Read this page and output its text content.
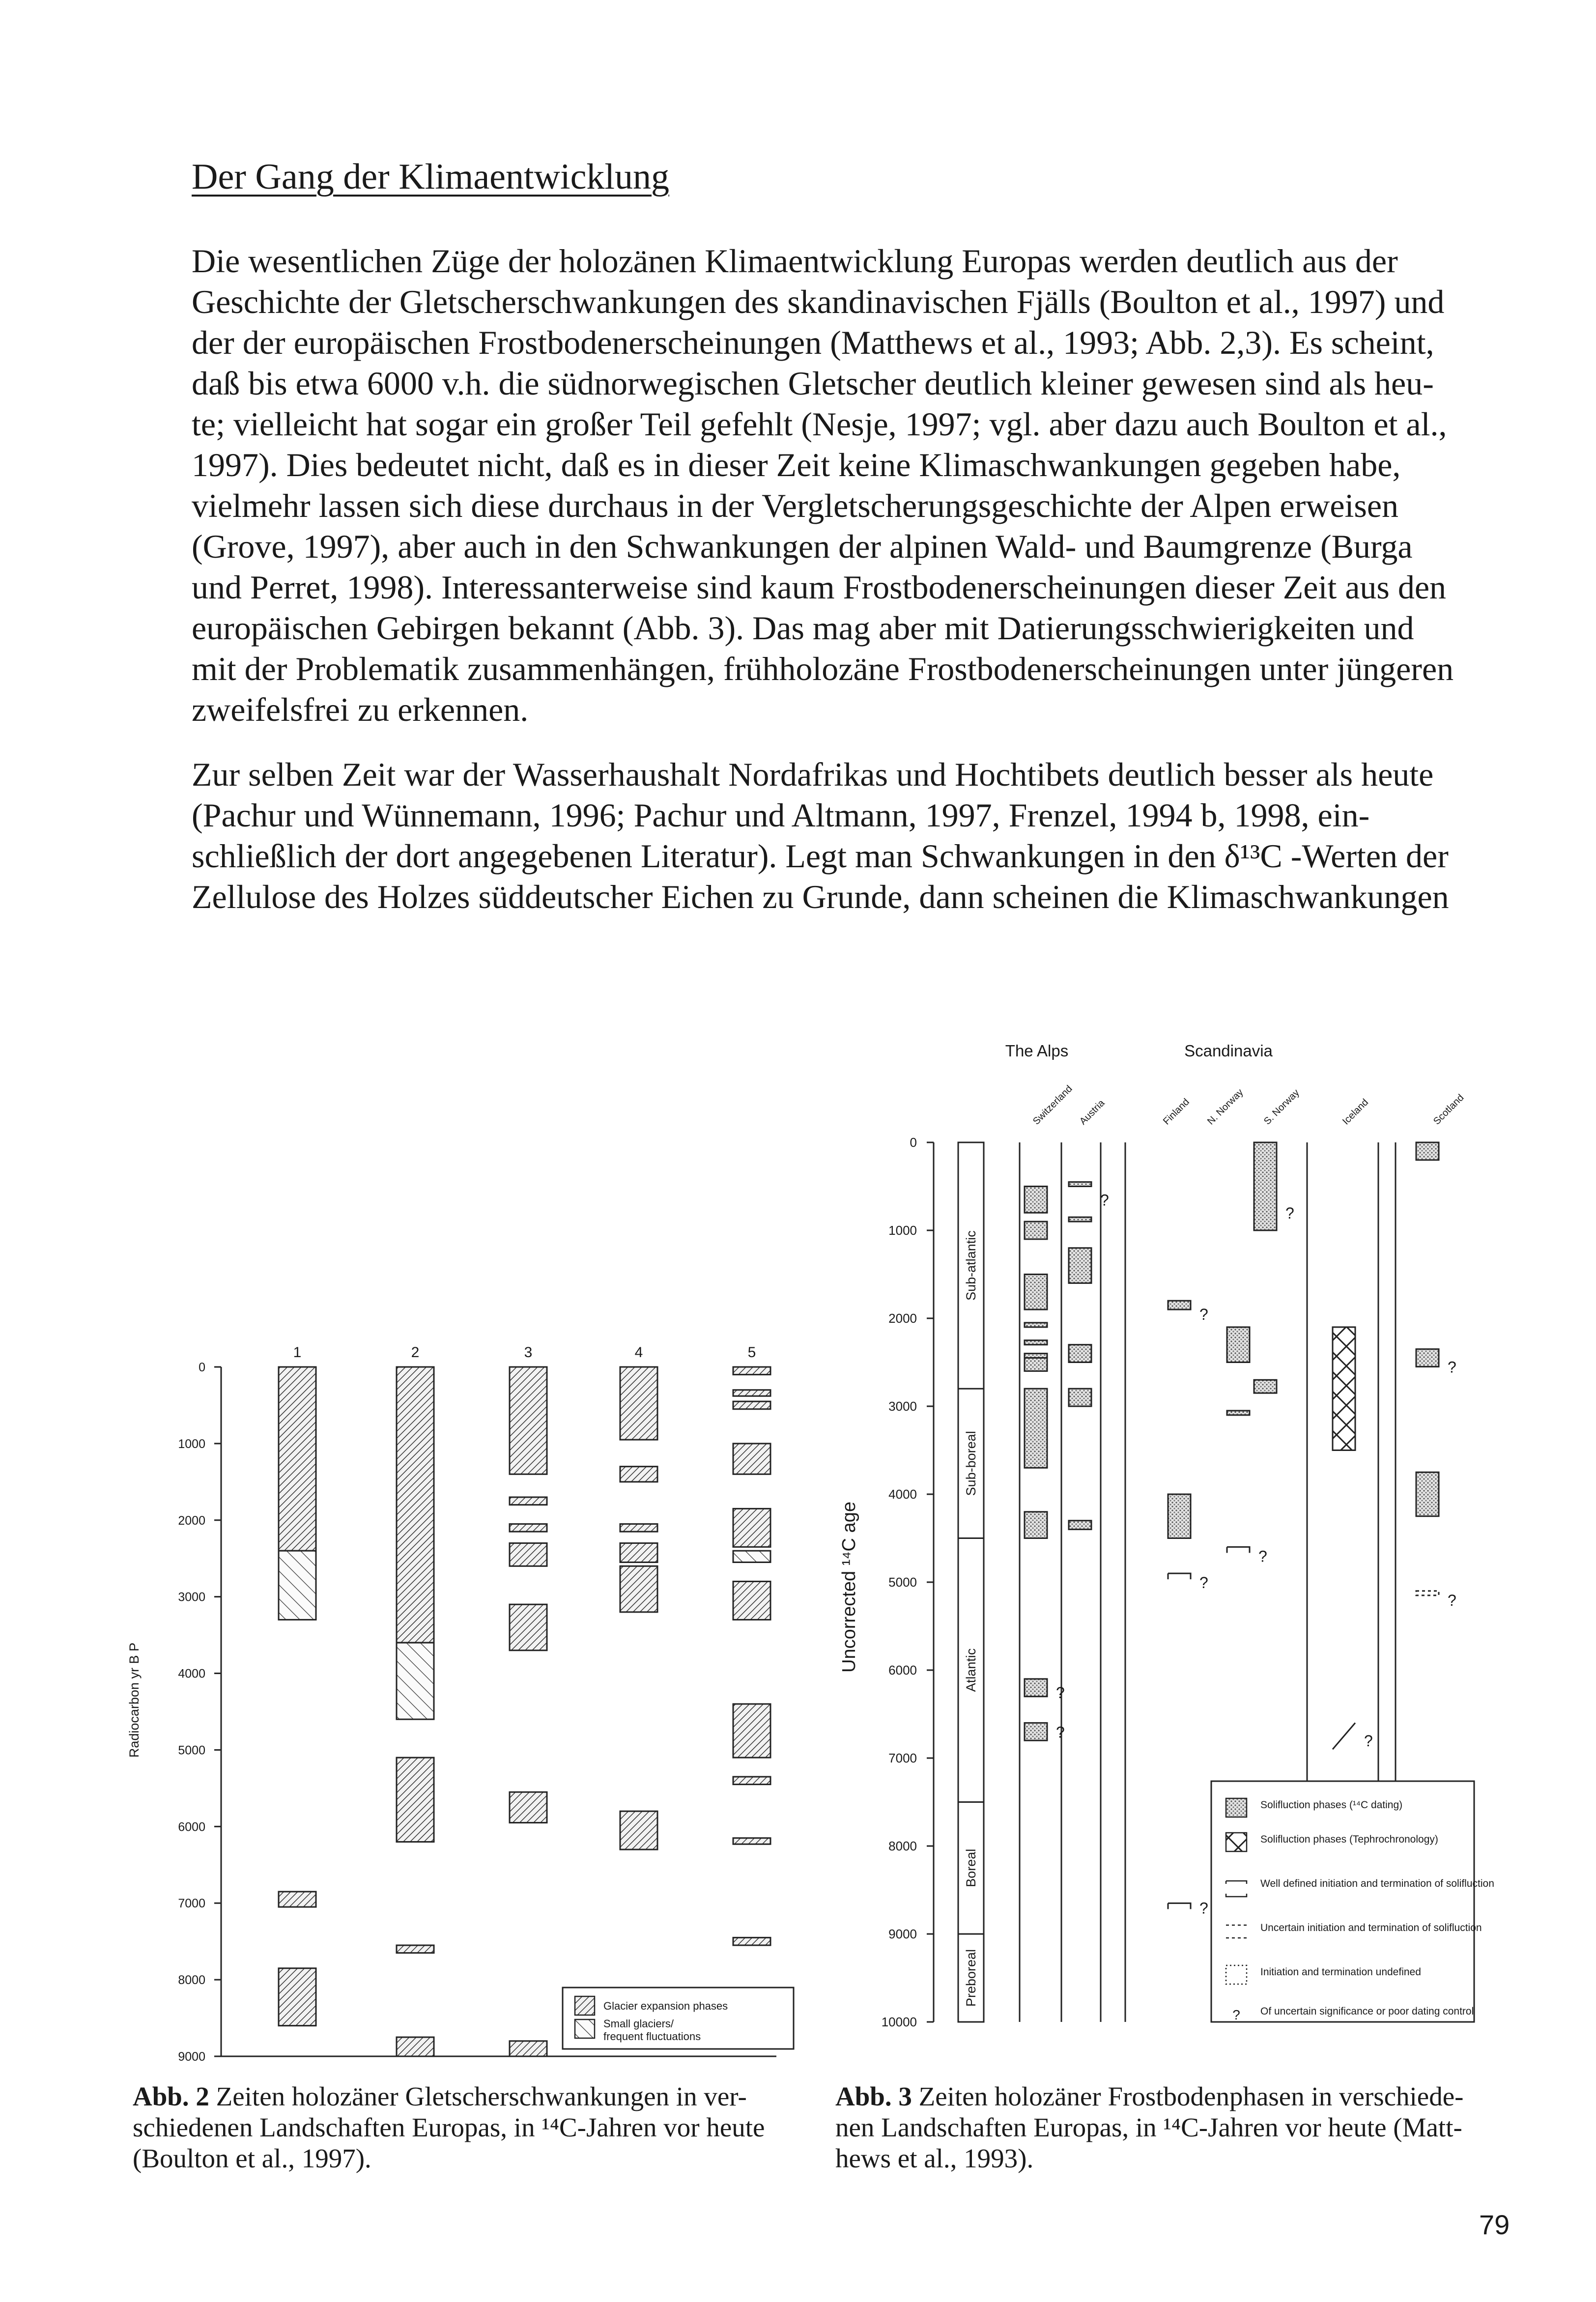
Der Gang der Klimaentwicklung

Die wesentlichen Züge der holozänen Klimaentwicklung Europas werden deutlich aus der
Geschichte der Gletscherschwankungen des skandinavischen Fjälls (Boulton et al., 1997) und
der der europäischen Frostbodenerscheinungen (Matthews et al., 1993; Abb. 2,3). Es scheint,
daß bis etwa 6000 v.h. die südnorwegischen Gletscher deutlich kleiner gewesen sind als heu-
te; vielleicht hat sogar ein großer Teil gefehlt (Nesje, 1997; vgl. aber dazu auch Boulton et al.,
1997). Dies bedeutet nicht, daß es in dieser Zeit keine Klimaschwankungen gegeben habe,
vielmehr lassen sich diese durchaus in der Vergletscherungsgeschichte der Alpen erweisen
(Grove, 1997), aber auch in den Schwankungen der alpinen Wald- und Baumgrenze (Burga
und Perret, 1998). Interessanterweise sind kaum Frostbodenerscheinungen dieser Zeit aus den
europäischen Gebirgen bekannt (Abb. 3). Das mag aber mit Datierungsschwierigkeiten und
mit der Problematik zusammenhängen, frühholozäne Frostbodenerscheinungen unter jüngeren
zweifelsfrei zu erkennen.

Zur selben Zeit war der Wasserhaushalt Nordafrikas und Hochtibets deutlich besser als heute
(Pachur und Wünnemann, 1996; Pachur und Altmann, 1997, Frenzel, 1994 b, 1998, ein-
schließlich der dort angegebenen Literatur). Legt man Schwankungen in den δ¹³C -Werten der
Zellulose des Holzes süddeutscher Eichen zu Grunde, dann scheinen die Klimaschwankungen

0
1000
2000
3000
4000
5000
6000
7000
8000
9000
1	2	3	4	5
Glacier expansion phases
Small glaciers/ frequent fluctuations
Radiocarbon yr B P
0
1000
2000
3000
4000
5000
6000
7000
8000
9000
10000
Sub-atlantic
Sub-boreal
Atlantic
Boreal
Preboreal
The Alps	Scandinavia
Switzerland Austria	Finland N. Norway S. Norway	Iceland	Scotland
?
?
?
?
?
?
?
?
?
?
?
Solifluction phases (¹⁴C dating)
Solifluction phases (Tephrochronology)
Well defined initiation and termination of solifluction
Uncertain initiation and termination of solifluction
Initiation and termination undefined
? Of uncertain significance or poor dating control
Uncorrected ¹⁴C age

Abb. 2 Zeiten holozäner Gletscherschwankungen in ver-
schiedenen Landschaften Europas, in ¹⁴C-Jahren vor heute
(Boulton et al., 1997).

Abb. 3 Zeiten holozäner Frostbodenphasen in verschiede-
nen Landschaften Europas, in ¹⁴C-Jahren vor heute (Matt-
hews et al., 1993).

79
